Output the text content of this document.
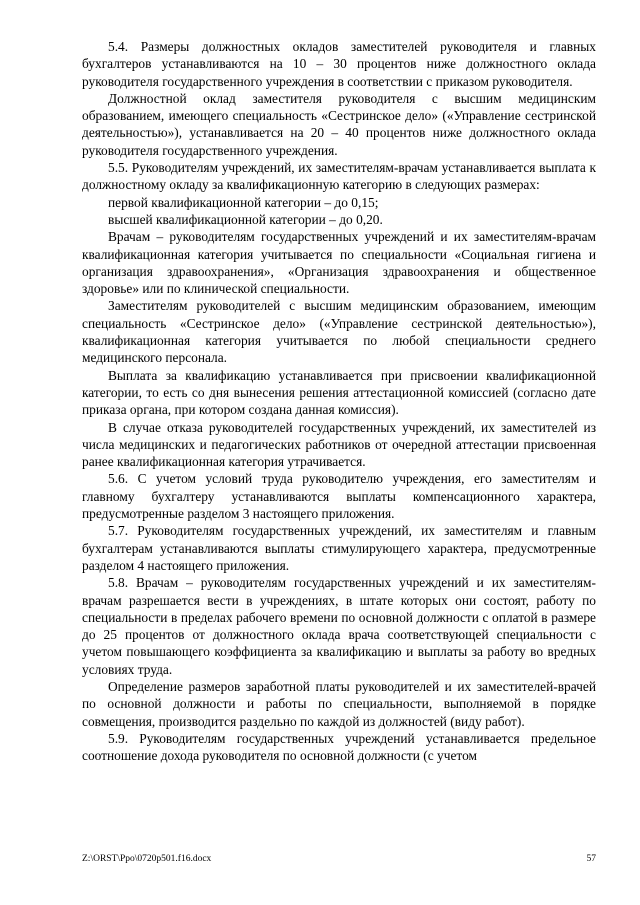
5.4. Размеры должностных окладов заместителей руководителя и главных бухгалтеров устанавливаются на 10 – 30 процентов ниже должностного оклада руководителя государственного учреждения в соответствии с приказом руководителя.

Должностной оклад заместителя руководителя с высшим медицинским образованием, имеющего специальность «Сестринское дело» («Управление сестринской деятельностью»), устанавливается на 20 – 40 процентов ниже должностного оклада руководителя государственного учреждения.

5.5. Руководителям учреждений, их заместителям-врачам устанавливается выплата к должностному окладу за квалификационную категорию в следующих размерах:

первой квалификационной категории – до 0,15;

высшей квалификационной категории – до 0,20.

Врачам – руководителям государственных учреждений и их заместителям-врачам квалификационная категория учитывается по специальности «Социальная гигиена и организация здравоохранения», «Организация здравоохранения и общественное здоровье» или по клинической специальности.

Заместителям руководителей с высшим медицинским образованием, имеющим специальность «Сестринское дело» («Управление сестринской деятельностью»), квалификационная категория учитывается по любой специальности среднего медицинского персонала.

Выплата за квалификацию устанавливается при присвоении квалификационной категории, то есть со дня вынесения решения аттестационной комиссией (согласно дате приказа органа, при котором создана данная комиссия).

В случае отказа руководителей государственных учреждений, их заместителей из числа медицинских и педагогических работников от очередной аттестации присвоенная ранее квалификационная категория утрачивается.

5.6. С учетом условий труда руководителю учреждения, его заместителям и главному бухгалтеру устанавливаются выплаты компенсационного характера, предусмотренные разделом 3 настоящего приложения.

5.7. Руководителям государственных учреждений, их заместителям и главным бухгалтерам устанавливаются выплаты стимулирующего характера, предусмотренные разделом 4 настоящего приложения.

5.8. Врачам – руководителям государственных учреждений и их заместителям-врачам разрешается вести в учреждениях, в штате которых они состоят, работу по специальности в пределах рабочего времени по основной должности с оплатой в размере до 25 процентов от должностного оклада врача соответствующей специальности с учетом повышающего коэффициента за квалификацию и выплаты за работу во вредных условиях труда.

Определение размеров заработной платы руководителей и их заместителей-врачей по основной должности и работы по специальности, выполняемой в порядке совмещения, производится раздельно по каждой из должностей (виду работ).

5.9. Руководителям государственных учреждений устанавливается предельное соотношение дохода руководителя по основной должности (с учетом

Z:\ORST\Ppo\0720p501.f16.docx	57
